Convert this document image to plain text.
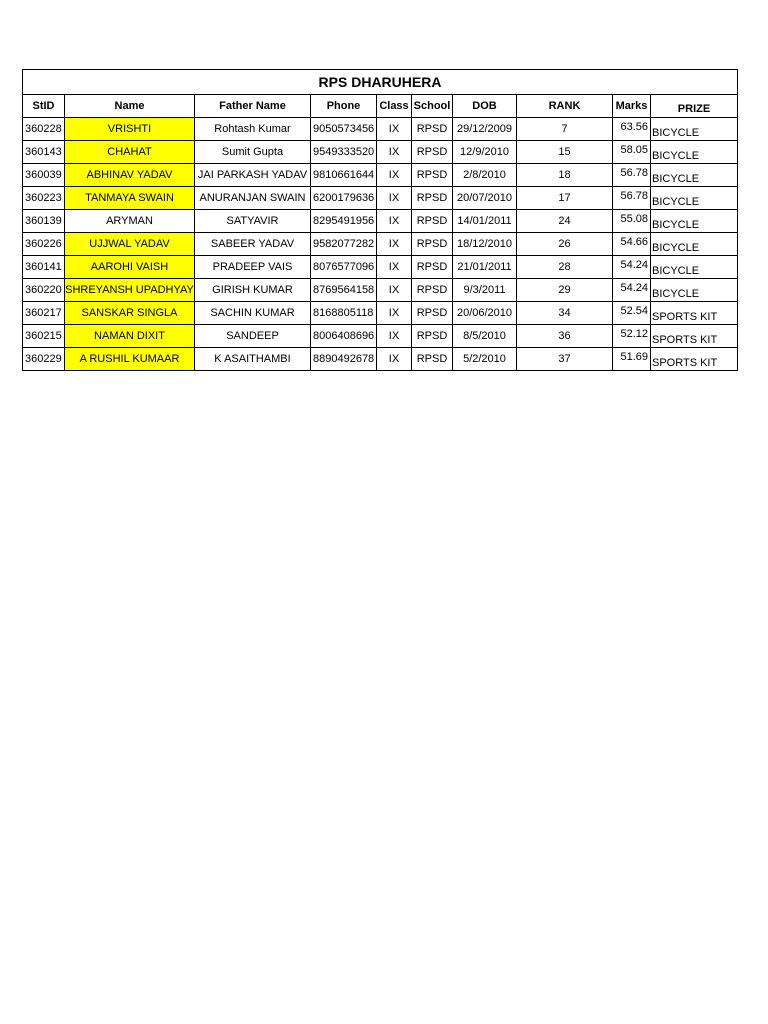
RPS DHARUHERA									
StID	Name	Father Name	Phone	Class	School	DOB	RANK	Marks	PRIZE
360228	VRISHTI	Rohtash Kumar	9050573456	IX	RPSD	29/12/2009	7	63.56	BICYCLE
360143	CHAHAT	Sumit Gupta	9549333520	IX	RPSD	12/9/2010	15	58.05	BICYCLE
360039	ABHINAV YADAV	JAI PARKASH YADAV	9810661644	IX	RPSD	2/8/2010	18	56.78	BICYCLE
360223	TANMAYA SWAIN	ANURANJAN SWAIN	6200179636	IX	RPSD	20/07/2010	17	56.78	BICYCLE
360139	ARYMAN	SATYAVIR	8295491956	IX	RPSD	14/01/2011	24	55.08	BICYCLE
360226	UJJWAL YADAV	SABEER YADAV	9582077282	IX	RPSD	18/12/2010	26	54.66	BICYCLE
360141	AAROHI VAISH	PRADEEP VAIS	8076577096	IX	RPSD	21/01/2011	28	54.24	BICYCLE
360220	SHREYANSH UPADHYAY	GIRISH KUMAR	8769564158	IX	RPSD	9/3/2011	29	54.24	BICYCLE
360217	SANSKAR SINGLA	SACHIN KUMAR	8168805118	IX	RPSD	20/06/2010	34	52.54	SPORTS KIT
360215	NAMAN DIXIT	SANDEEP	8006408696	IX	RPSD	8/5/2010	36	52.12	SPORTS KIT
360229	A RUSHIL KUMAAR	K ASAITHAMBI	8890492678	IX	RPSD	5/2/2010	37	51.69	SPORTS KIT
